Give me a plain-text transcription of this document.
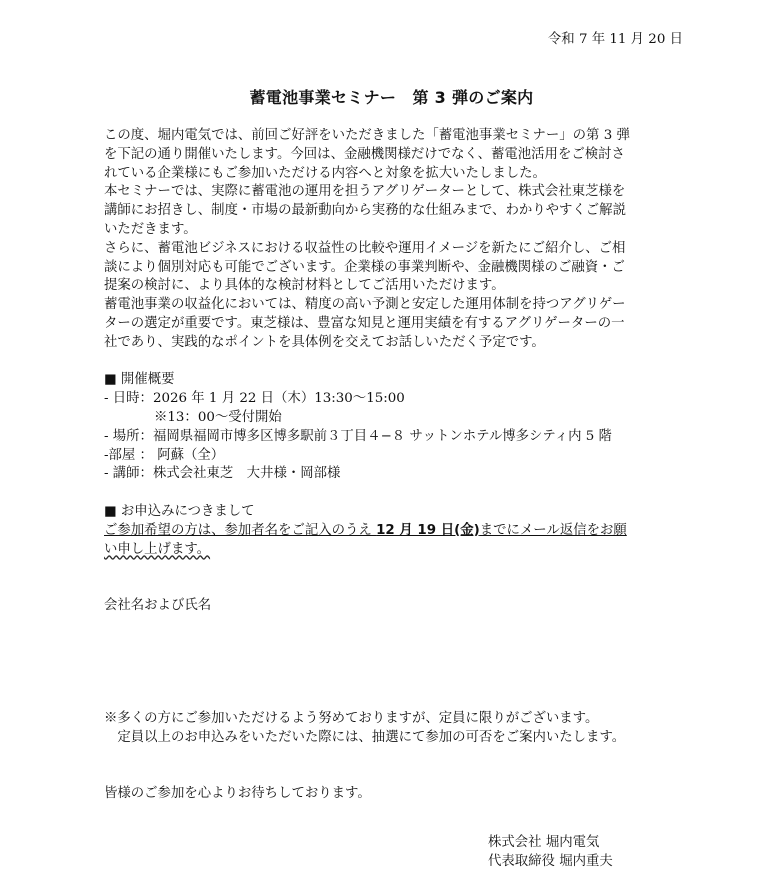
令和 7 年 11 月 20 日
蓄電池事業セミナー　第 3 弾のご案内
この度、堀内電気では、前回ご好評をいただきました「蓄電池事業セミナー」の第 3 弾
を下記の通り開催いたします。今回は、金融機関様だけでなく、蓄電池活用をご検討さ
れている企業様にもご参加いただける内容へと対象を拡大いたしました。
本セミナーでは、実際に蓄電池の運用を担うアグリゲーターとして、株式会社東芝様を
講師にお招きし、制度・市場の最新動向から実務的な仕組みまで、わかりやすくご解説
いただきます。
さらに、蓄電池ビジネスにおける収益性の比較や運用イメージを新たにご紹介し、ご相
談により個別対応も可能でございます。企業様の事業判断や、金融機関様のご融資・ご
提案の検討に、より具体的な検討材料としてご活用いただけます。
蓄電池事業の収益化においては、精度の高い予測と安定した運用体制を持つアグリゲー
ターの選定が重要です。東芝様は、豊富な知見と運用実績を有するアグリゲーターの一
社であり、実践的なポイントを具体例を交えてお話しいただく予定です。
■ 開催概要
- 日時：2026 年 1 月 22 日（木）13:30～15:00
※13：00～受付開始
- 場所：福岡県福岡市博多区博多駅前３丁目４−８ サットンホテル博多シティ内 5 階
-部屋 ： 阿蘇（全）
- 講師：株式会社東芝　大井様・岡部様
■ お申込みにつきまして
ご参加希望の方は、参加者名をご記入のうえ 12 月 19 日(金)までにメール返信をお願
い申し上げます。
会社名および氏名
※多くの方にご参加いただけるよう努めておりますが、定員に限りがございます。
　定員以上のお申込みをいただいた際には、抽選にて参加の可否をご案内いたします。
皆様のご参加を心よりお待ちしております。
株式会社 堀内電気
代表取締役 堀内重夫
